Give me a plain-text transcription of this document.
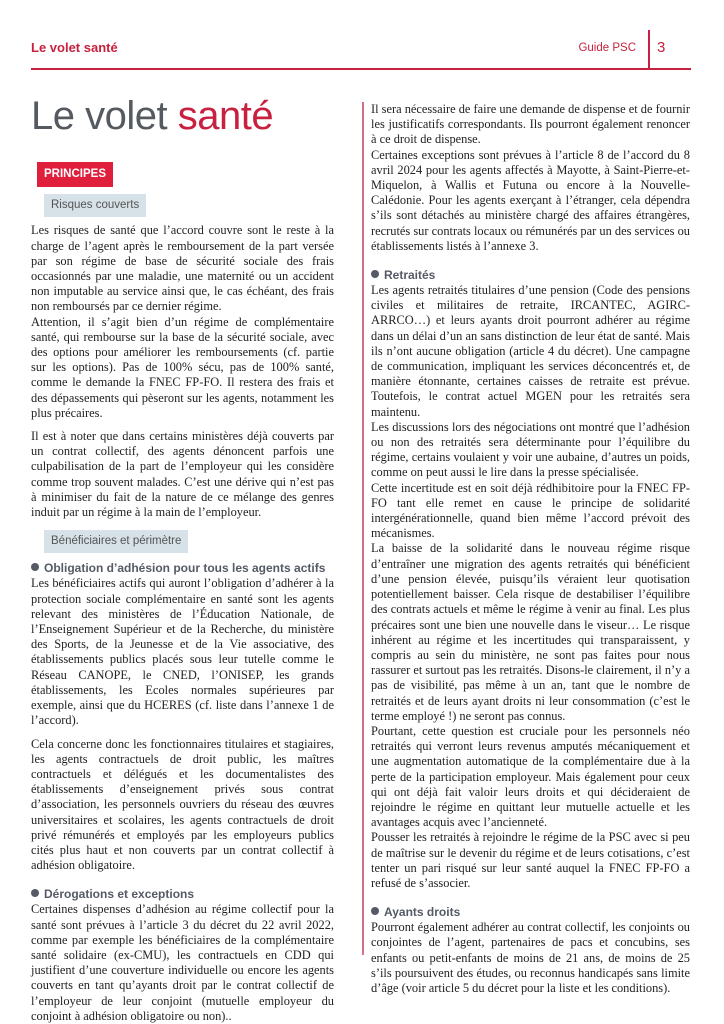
Le volet santé	Guide PSC 3
Le volet santé
PRINCIPES
Risques couverts

Les risques de santé que l’accord couvre sont le reste à la charge de l’agent après le remboursement de la part versée par son régime de base de sécurité sociale des frais occasionnés par une maladie, une maternité ou un accident non imputable au service ainsi que, le cas échéant, des frais non remboursés par ce dernier régime.

Attention, il s’agit bien d’un régime de complémentaire santé, qui rembourse sur la base de la sécurité sociale, avec des options pour améliorer les remboursements (cf. partie sur les options). Pas de 100% sécu, pas de 100% santé, comme le demande la FNEC FP-FO. Il restera des frais et des dépassements qui pèseront sur les agents, notamment les plus précaires.

Il est à noter que dans certains ministères déjà couverts par un contrat collectif, des agents dénoncent parfois une culpabilisation de la part de l’employeur qui les considère comme trop souvent malades. C’est une dérive qui n’est pas à minimiser du fait de la nature de ce mélange des genres induit par un régime à la main de l’employeur.

Bénéficiaires et périmètre
Obligation d’adhésion pour tous les agents actifs

Les bénéficiaires actifs qui auront l’obligation d’adhérer à la protection sociale complémentaire en santé sont les agents relevant des ministères de l’Éducation Nationale, de l’Enseignement Supérieur et de la Recherche, du ministère des Sports, de la Jeunesse et de la Vie associative, des établissements publics placés sous leur tutelle comme le Réseau CANOPE, le CNED, l’ONISEP, les grands établissements, les Ecoles normales supérieures par exemple, ainsi que du HCERES (cf. liste dans l’annexe 1 de l’accord).

Cela concerne donc les fonctionnaires titulaires et stagiaires, les agents contractuels de droit public, les maîtres contractuels et délégués et les documentalistes des établissements d’enseignement privés sous contrat d’association, les personnels ouvriers du réseau des œuvres universitaires et scolaires, les agents contractuels de droit privé rémunérés et employés par les employeurs publics cités plus haut et non couverts par un contrat collectif à adhésion obligatoire.

Dérogations et exceptions

Certaines dispenses d’adhésion au régime collectif pour la santé sont prévues à l’article 3 du décret du 22 avril 2022, comme par exemple les bénéficiaires de la complémentaire santé solidaire (ex-CMU), les contractuels en CDD qui justifient d’une couverture individuelle ou encore les agents couverts en tant qu’ayants droit par le contrat collectif de l’employeur de leur conjoint (mutuelle employeur du conjoint à adhésion obligatoire ou non)..

Il sera nécessaire de faire une demande de dispense et de fournir les justificatifs correspondants. Ils pourront également renoncer à ce droit de dispense.

Certaines exceptions sont prévues à l’article 8 de l’accord du 8 avril 2024 pour les agents affectés à Mayotte, à Saint-Pierre-et-Miquelon, à Wallis et Futuna ou encore à la Nouvelle-Calédonie. Pour les agents exerçant à l’étranger, cela dépendra s’ils sont détachés au ministère chargé des affaires étrangères, recrutés sur contrats locaux ou rémunérés par un des services ou établissements listés à l’annexe 3.

Retraités

Les agents retraités titulaires d’une pension (Code des pensions civiles et militaires de retraite, IRCANTEC, AGIRC-ARRCO…) et leurs ayants droit pourront adhérer au régime dans un délai d’un an sans distinction de leur état de santé. Mais ils n’ont aucune obligation (article 4 du décret). Une campagne de communication, impliquant les services déconcentrés et, de manière étonnante, certaines caisses de retraite est prévue. Toutefois, le contrat actuel MGEN pour les retraités sera maintenu.

Les discussions lors des négociations ont montré que l’adhésion ou non des retraités sera déterminante pour l’équilibre du régime, certains voulaient y voir une aubaine, d’autres un poids, comme on peut aussi le lire dans la presse spécialisée.

Cette incertitude est en soit déjà rédhibitoire pour la FNEC FP-FO tant elle remet en cause le principe de solidarité intergénérationnelle, quand bien même l’accord prévoit des mécanismes.

La baisse de la solidarité dans le nouveau régime risque d’entraîner une migration des agents retraités qui bénéficient d’une pension élevée, puisqu’ils véraient leur quotisation potentiellement baisser. Cela risque de destabiliser l’équilibre des contrats actuels et même le régime à venir au final. Les plus précaires sont une bien une nouvelle dans le viseur… Le risque inhérent au régime et les incertitudes qui transparaissent, y compris au sein du ministère, ne sont pas faites pour nous rassurer et surtout pas les retraités. Disons-le clairement, il n’y a pas de visibilité, pas même à un an, tant que le nombre de retraités et de leurs ayant droits ni leur consommation (c’est le terme employé !) ne seront pas connus.

Pourtant, cette question est cruciale pour les personnels néo retraités qui verront leurs revenus amputés mécaniquement et une augmentation automatique de la complémentaire due à la perte de la participation employeur. Mais également pour ceux qui ont déjà fait valoir leurs droits et qui décideraient de rejoindre le régime en quittant leur mutuelle actuelle et les avantages acquis avec l’ancienneté.

Pousser les retraités à rejoindre le régime de la PSC avec si peu de maîtrise sur le devenir du régime et de leurs cotisations, c’est tenter un pari risqué sur leur santé auquel la FNEC FP-FO a refusé de s’associer.

Ayants droits

Pourront également adhérer au contrat collectif, les conjoints ou conjointes de l’agent, partenaires de pacs et concubins, ses enfants ou petit-enfants de moins de 21 ans, de moins de 25 s’ils poursuivent des études, ou reconnus handicapés sans limite d’âge (voir article 5 du décret pour la liste et les conditions).
